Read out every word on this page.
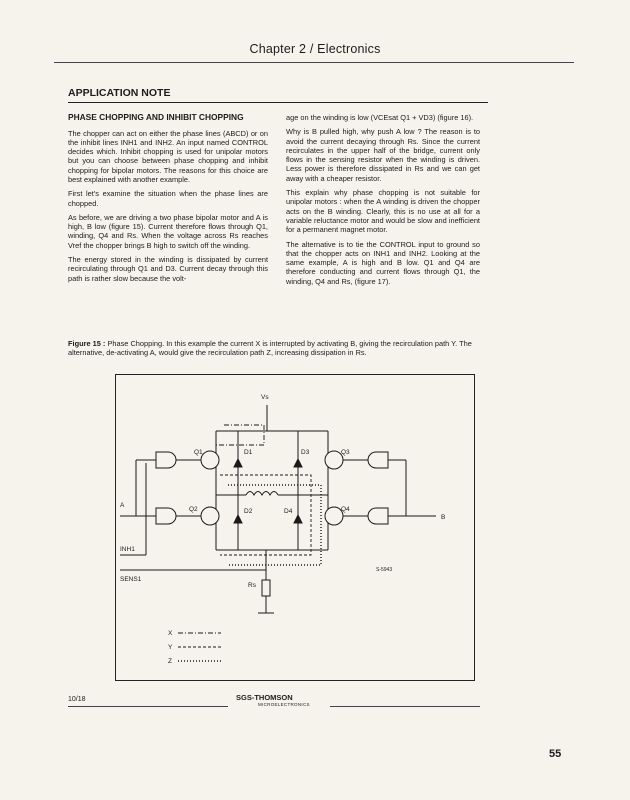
Chapter 2 / Electronics
APPLICATION NOTE
PHASE CHOPPING AND INHIBIT CHOPPING

The chopper can act on either the phase lines (ABCD) or on the inhibit lines INH1 and INH2. An input named CONTROL decides which. Inhibit chopping is used for unipolar motors but you can choose between phase chopping and inhibit chopping for bipolar motors. The reasons for this choice are best explained with another example.

First let's examine the situation when the phase lines are chopped.

As before, we are driving a two phase bipolar motor and A is high, B low (figure 15). Current therefore flows through Q1, winding, Q4 and Rs. When the voltage across Rs reaches Vref the chopper brings B high to switch off the winding.

The energy stored in the winding is dissipated by current recirculating through Q1 and D3. Current decay through this path is rather slow because the volt-

age on the winding is low (VCEsat Q1 + VD3) (figure 16).

Why is B pulled high, why push A low ? The reason is to avoid the current decaying through Rs. Since the current recirculates in the upper half of the bridge, current only flows in the sensing resistor when the winding is driven. Less power is therefore dissipated in Rs and we can get away with a cheaper resistor.

This explain why phase chopping is not suitable for unipolar motors : when the A winding is driven the chopper acts on the B winding. Clearly, this is no use at all for a variable reluctance motor and would be slow and inefficient for a permanent magnet motor.

The alternative is to tie the CONTROL input to ground so that the chopper acts on INH1 and INH2. Looking at the same example, A is high and B low. Q1 and Q4 are therefore conducting and current flows through Q1, the winding, Q4 and Rs, (figure 17).

Figure 15 : Phase Chopping. In this example the current X is interrupted by activating B, giving the recirculation path Y. The alternative, de-activating A, would give the recirculation path Z, increasing dissipation in Rs.
Vs
Q1
Q2
Q3
Q4
D1
D2
D3
D4
A
B
INH1
SENS1
Rs
S-5943
X
Y
Z
10/18	SGS-THOMSON
MICROELECTRONICS
55
